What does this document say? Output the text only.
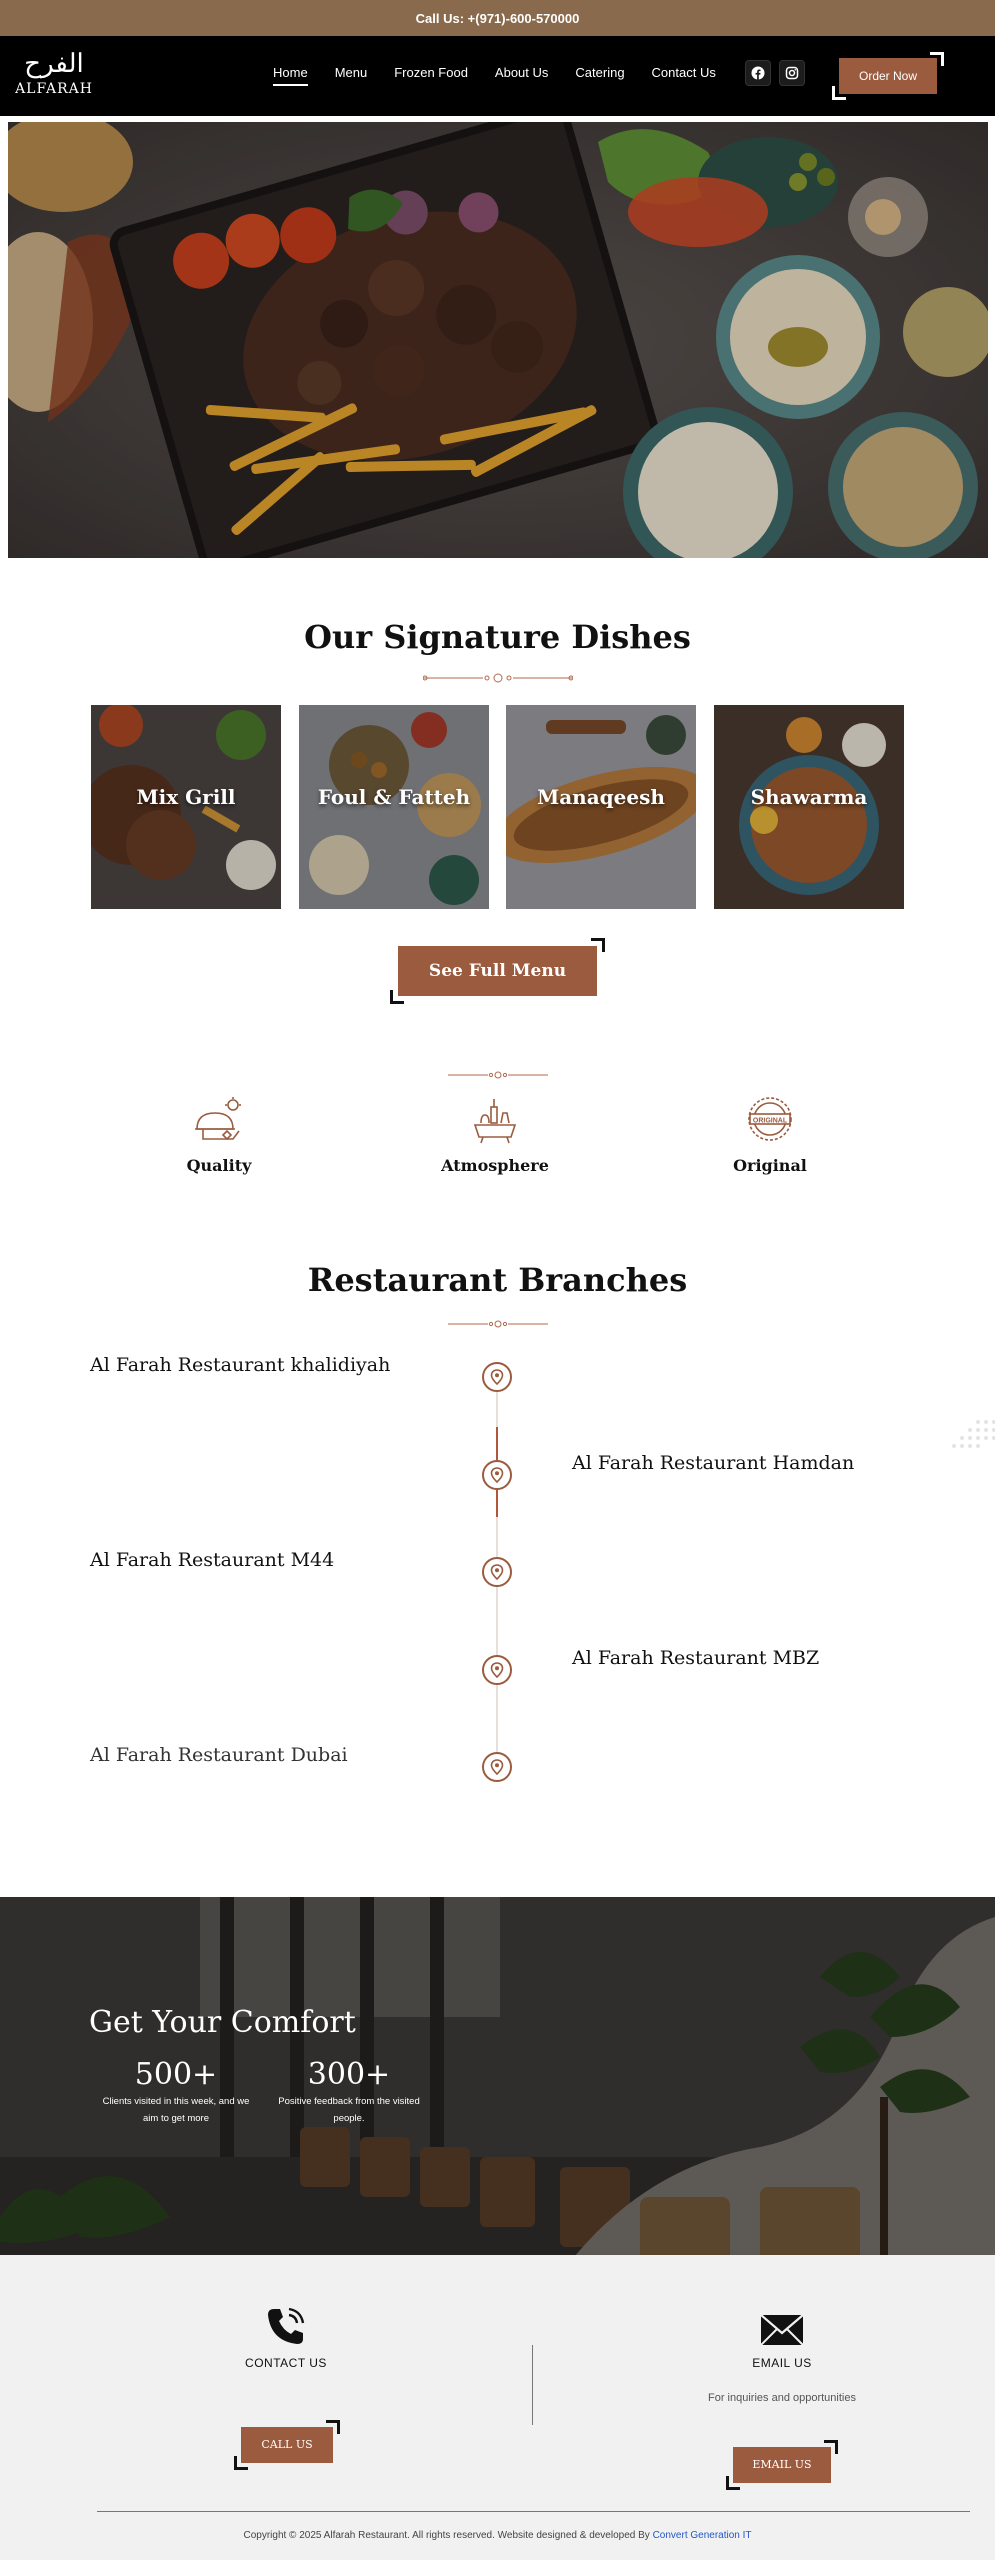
Call Us: +(971)-600-570000
الفرح
ALFARAH
Home Menu Frozen Food About Us Catering Contact Us	Order Now
Our Signature Dishes
Mix Grill	Foul & Fatteh	Manaqeesh	Shawarma
See Full Menu
Quality	Atmosphere
ORIGINAL
Original
Restaurant Branches
Al Farah Restaurant khalidiyah
Al Farah Restaurant Hamdan
Al Farah Restaurant M44
Al Farah Restaurant MBZ
Al Farah Restaurant Dubai
Get Your Comfort
500+
Clients visited in this week, and we aim to get more
300+
Positive feedback from the visited people.
CONTACT US	EMAIL US
For inquiries and opportunities
CALL US
EMAIL US
Copyright © 2025 Alfarah Restaurant. All rights reserved. Website designed & developed By Convert Generation IT
